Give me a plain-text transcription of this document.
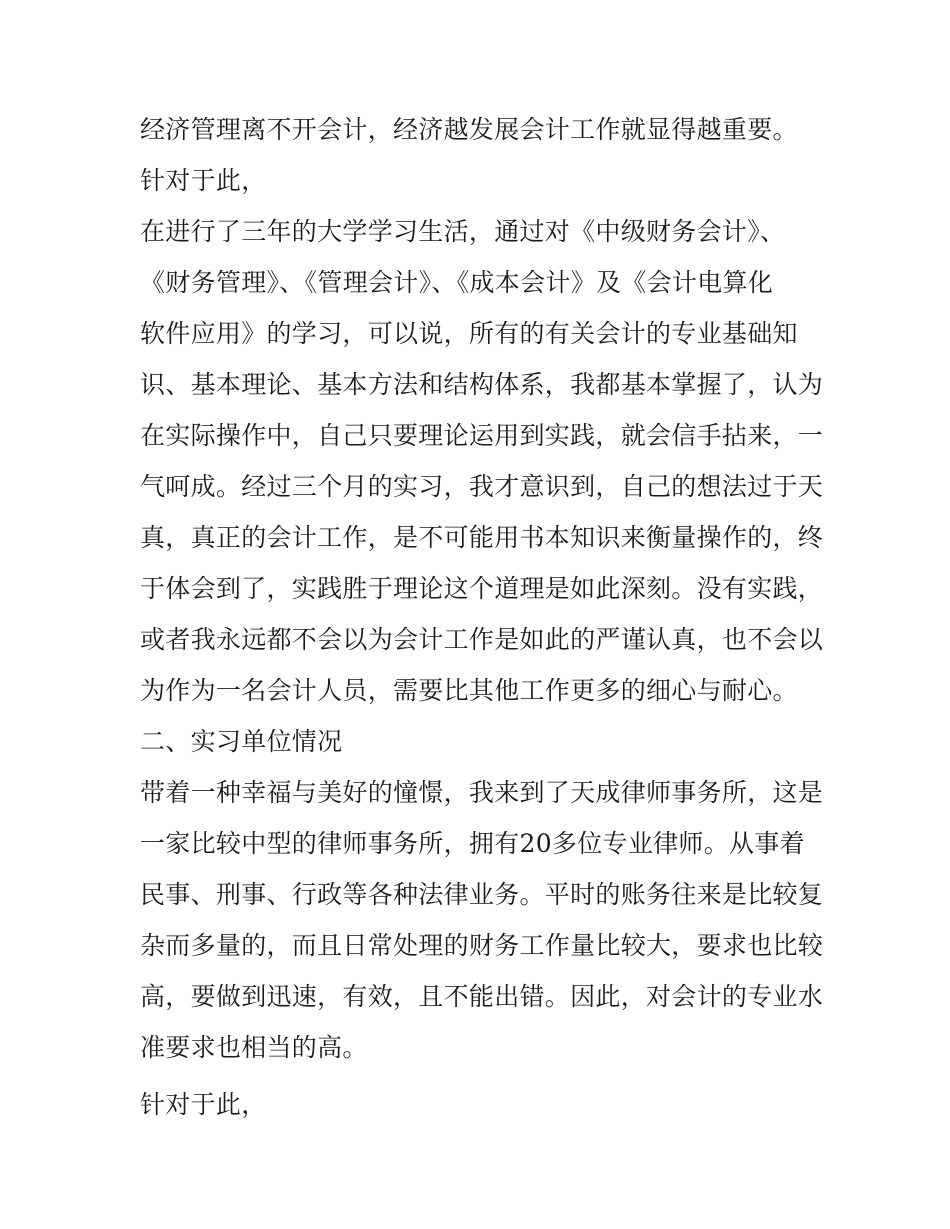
经济管理离不开会计，经济越发展会计工作就显得越重要。
针对于此，
在进行了三年的大学学习生活，通过对《中级财务会计》、
《财务管理》、《管理会计》、《成本会计》及《会计电算化
软件应用》的学习，可以说，所有的有关会计的专业基础知
识、基本理论、基本方法和结构体系，我都基本掌握了，认为
在实际操作中，自己只要理论运用到实践，就会信手拈来，一
气呵成。经过三个月的实习，我才意识到，自己的想法过于天
真，真正的会计工作，是不可能用书本知识来衡量操作的，终
于体会到了，实践胜于理论这个道理是如此深刻。没有实践，
或者我永远都不会以为会计工作是如此的严谨认真，也不会以
为作为一名会计人员，需要比其他工作更多的细心与耐心。
二、实习单位情况
带着一种幸福与美好的憧憬，我来到了天成律师事务所，这是
一家比较中型的律师事务所，拥有20多位专业律师。从事着
民事、刑事、行政等各种法律业务。平时的账务往来是比较复
杂而多量的，而且日常处理的财务工作量比较大，要求也比较
高，要做到迅速，有效，且不能出错。因此，对会计的专业水
准要求也相当的高。
针对于此，
